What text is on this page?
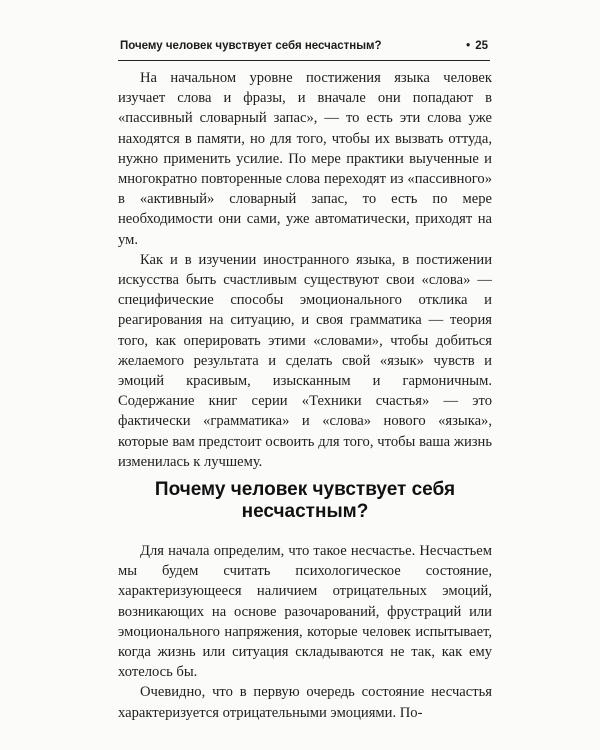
Почему человек чувствует себя несчастным?
•	25

На начальном уровне постижения языка человек изучает слова и фразы, и вначале они попадают в «пассивный словарный запас», — то есть эти слова уже находятся в памяти, но для того, чтобы их вызвать оттуда, нужно применить усилие. По мере практики выученные и многократно повторенные слова переходят из «пассивного» в «активный» словарный запас, то есть по мере необходимости они сами, уже автоматически, приходят на ум.

Как и в изучении иностранного языка, в постижении искусства быть счастливым существуют свои «слова» — специфические способы эмоционального отклика и реагирования на ситуацию, и своя грамматика — теория того, как оперировать этими «словами», чтобы добиться желаемого результата и сделать свой «язык» чувств и эмоций красивым, изысканным и гармоничным. Содержание книг серии «Техники счастья» — это фактически «грамматика» и «слова» нового «языка», которые вам предстоит освоить для того, чтобы ваша жизнь изменилась к лучшему.

Почему человек чувствует себя несчастным?

Для начала определим, что такое несчастье. Несчастьем мы будем считать психологическое состояние, характеризующееся наличием отрицательных эмоций, возникающих на основе разочарований, фрустраций или эмоционального напряжения, которые человек испытывает, когда жизнь или ситуация складываются не так, как ему хотелось бы.

Очевидно, что в первую очередь состояние несчастья характеризуется отрицательными эмоциями. По-
